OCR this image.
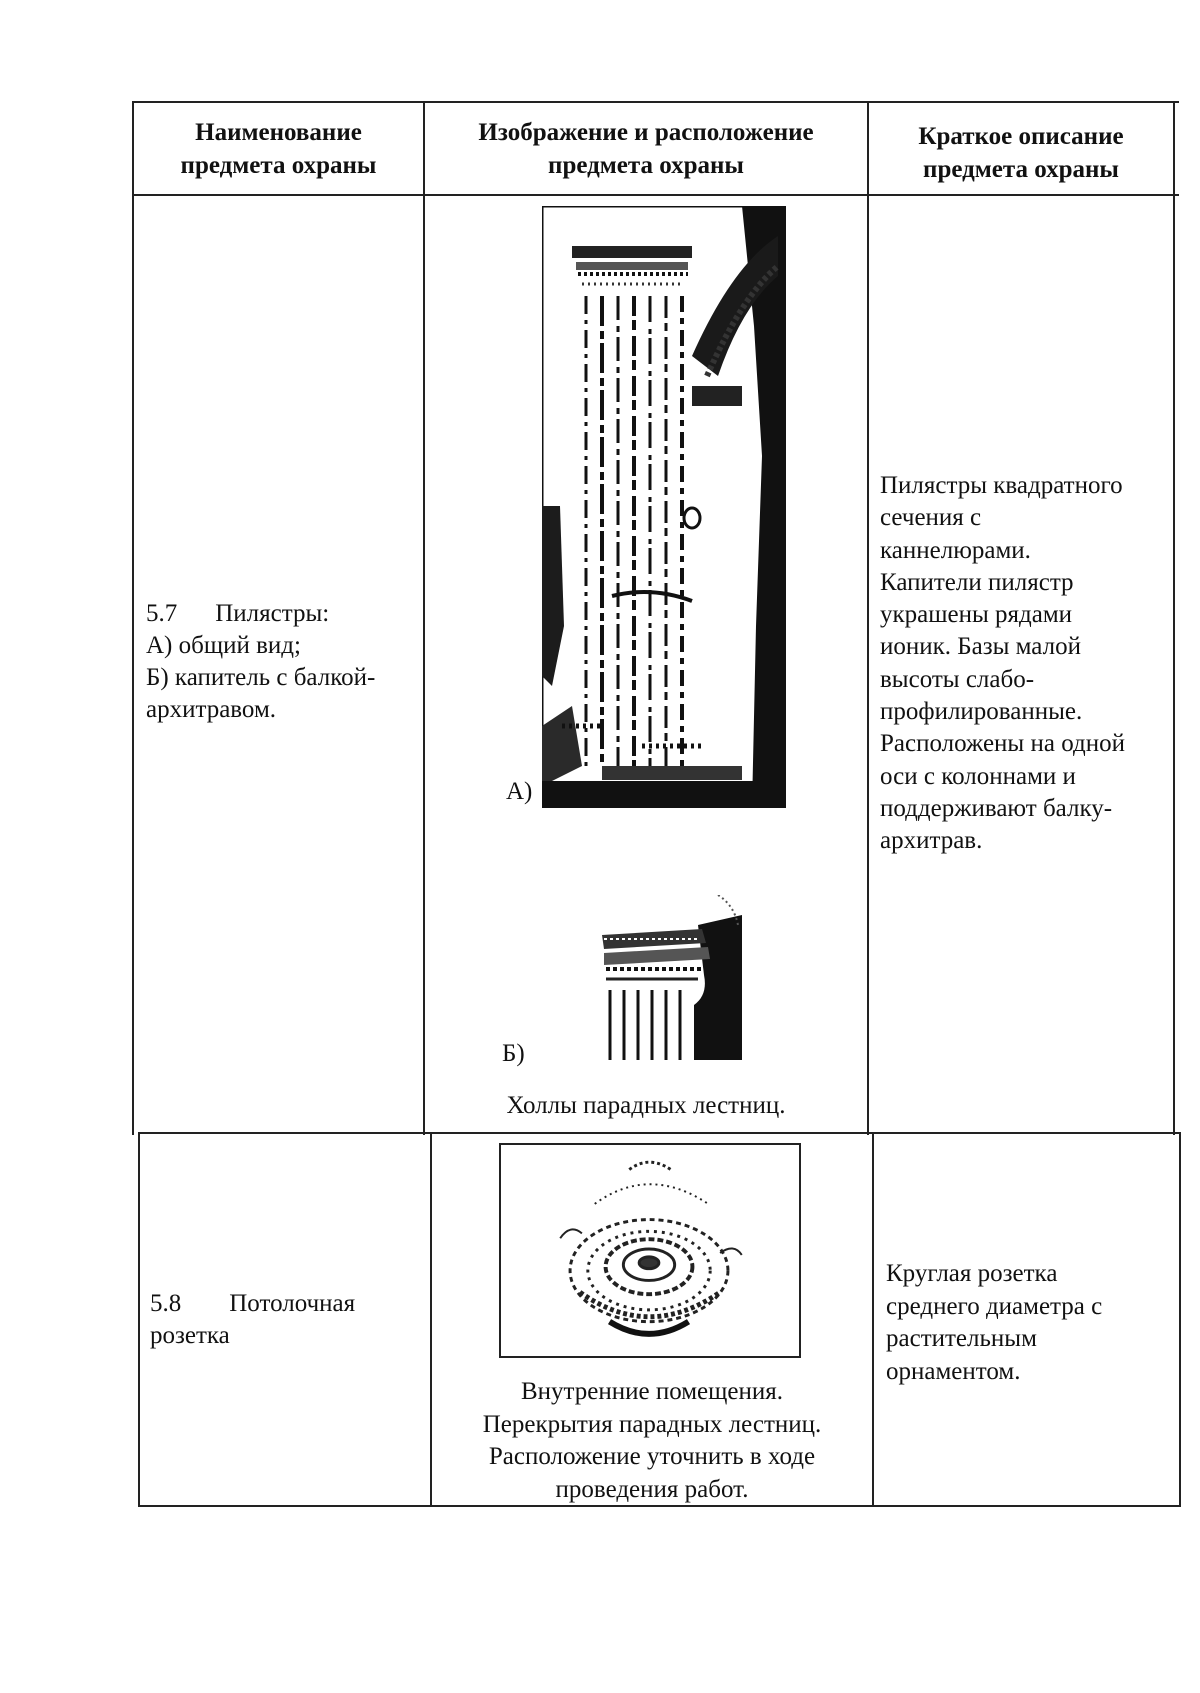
Наименование
предмета охраны
Изображение и расположение
предмета охраны
Краткое описание
предмета охраны
5.7 Пилястры:
А) общий вид;
Б) капитель с балкой-
архитравом.
А)
Б)
Холлы парадных лестниц.
Пилястры квадратного
сечения с
каннелюрами.
Капители пилястр
украшены рядами
ионик. Базы малой
высоты слабо-
профилированные.
Расположены на одной
оси с колоннами и
поддерживают балку-
архитрав.
5.8 Потолочная
розетка
Внутренние помещения.
Перекрытия парадных лестниц.
Расположение уточнить в ходе
проведения работ.
Круглая розетка
среднего диаметра с
растительным
орнаментом.
